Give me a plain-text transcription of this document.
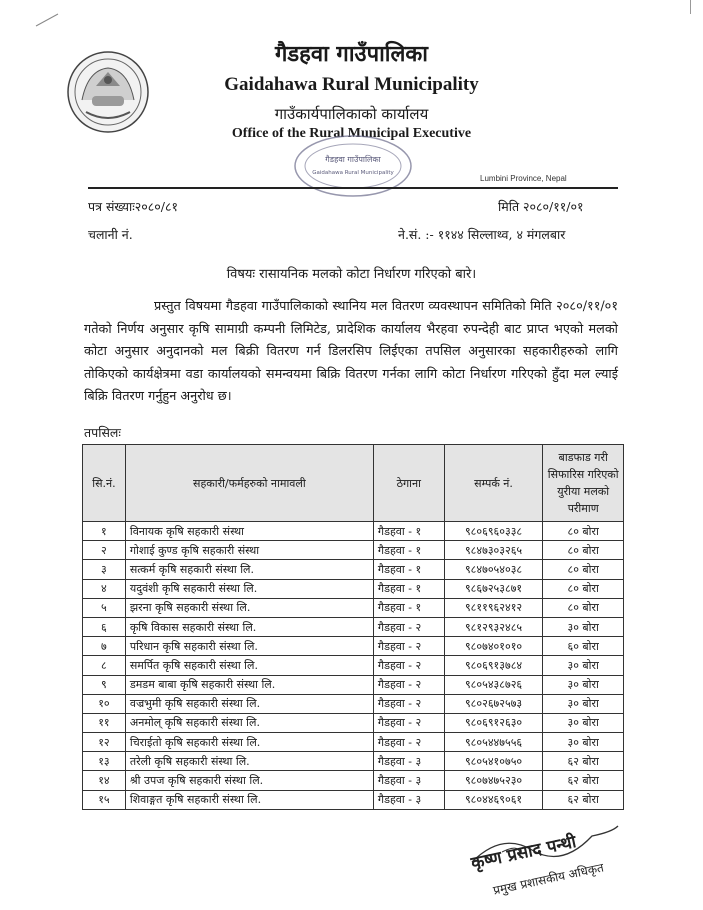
गैडहवा गाउँपालिका
Gaidahawa Rural Municipality
गाउँकार्यपालिकाको कार्यालय
Office of the Rural Municipal Executive
गैडहवा गाउँपालिका
Gaidahawa Rural Municipality
Lumbini Province, Nepal
पत्र संख्याः२०८०/८१	मिति २०८०/११/०१
चलानी नं.	ने.सं. :- ११४४ सिल्लाथ्व, ४ मंगलबार
विषयः रासायनिक मलको कोटा निर्धारण गरिएको बारे।
प्रस्तुत विषयमा गैडहवा गाउँपालिकाको स्थानिय मल वितरण व्यवस्थापन समितिको मिति २०८०/११/०१ गतेको निर्णय अनुसार कृषि सामाग्री कम्पनी लिमिटेड, प्रादेशिक कार्यालय भैरहवा रुपन्देही बाट प्राप्त भएको मलको कोटा अनुसार अनुदानको मल बिक्री वितरण गर्न डिलरसिप लिईएका तपसिल अनुसारका सहकारीहरुको लागि तोकिएको कार्यक्षेत्रमा वडा कार्यालयको समन्वयमा बिक्रि वितरण गर्नका लागि कोटा निर्धारण गरिएको हुँदा मल ल्याई बिक्रि वितरण गर्नुहुन अनुरोध छ।
तपसिलः
सि.नं.	सहकारी/फर्महरुको नामावली	ठेगाना	सम्पर्क नं.	बाडफाड गरी सिफारिस गरिएको युरीया मलको परीमाण
१	विनायक कृषि सहकारी संस्था	गैडहवा - १	९८०६९६०३३८	८० बोरा
२	गोशाई कुण्ड कृषि सहकारी संस्था	गैडहवा - १	९८४७३०३२६५	८० बोरा
३	सत्कर्म कृषि सहकारी संस्था लि.	गैडहवा - १	९८४७०५४०३८	८० बोरा
४	यदुवंशी कृषि सहकारी संस्था लि.	गैडहवा - १	९८६७२५३८७१	८० बोरा
५	झरना कृषि सहकारी संस्था लि.	गैडहवा - १	९८११९६२४१२	८० बोरा
६	कृषि विकास सहकारी संस्था लि.	गैडहवा - २	९८१२९३२४८५	३० बोरा
७	परिधान कृषि सहकारी संस्था लि.	गैडहवा - २	९८०७४०१०१०	६० बोरा
८	समर्पित कृषि सहकारी संस्था लि.	गैडहवा - २	९८०६९१३७८४	३० बोरा
९	डमडम बाबा कृषि सहकारी संस्था लि.	गैडहवा - २	९८०५४३८७२६	३० बोरा
१०	वज्रभुमी कृषि सहकारी संस्था लि.	गैडहवा - २	९८०२६७२५७३	३० बोरा
११	अनमोल् कृषि सहकारी संस्था लि.	गैडहवा - २	९८०६९१२६३०	३० बोरा
१२	चिराईतो कृषि सहकारी संस्था लि.	गैडहवा - २	९८०५४४७५५६	३० बोरा
१३	तरेली कृषि सहकारी संस्था लि.	गैडहवा - ३	९८०५४१०७५०	६२ बोरा
१४	श्री उपज कृषि सहकारी संस्था लि.	गैडहवा - ३	९८०७४७५२३०	६२ बोरा
१५	शिवाङ्गत कृषि सहकारी संस्था लि.	गैडहवा - ३	९८०४४६९०६१	६२ बोरा
कृष्ण प्रसाद पन्थी
प्रमुख प्रशासकीय अधिकृत
